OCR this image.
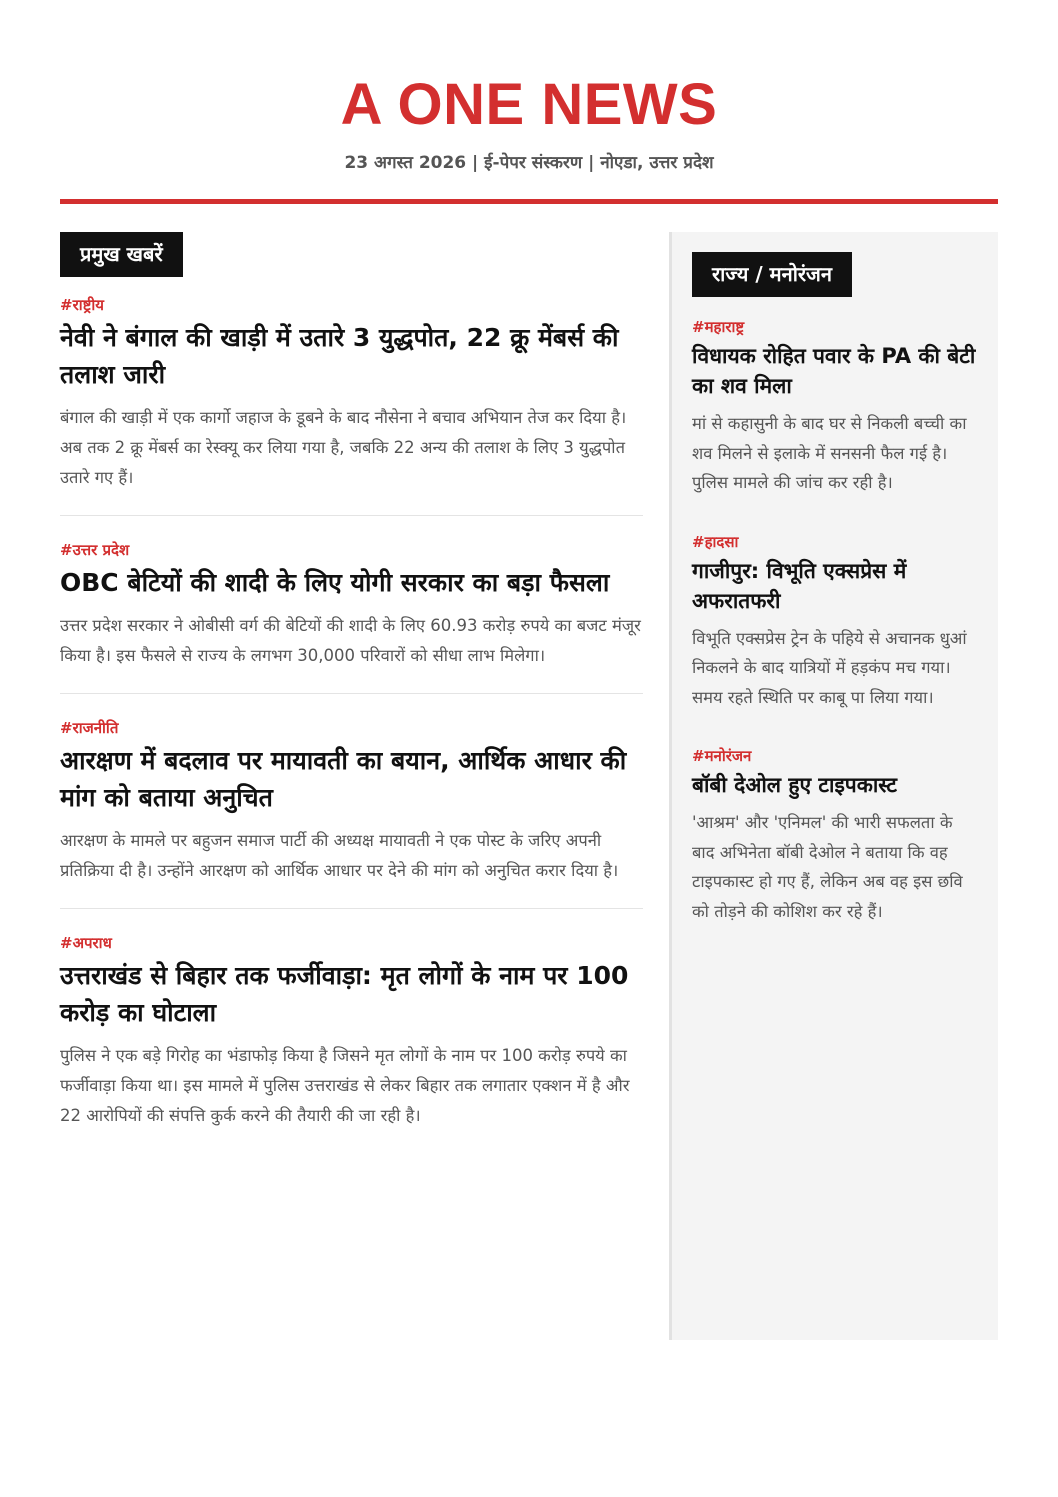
A ONE NEWS
23 अगस्त 2026 | ई-पेपर संस्करण | नोएडा, उत्तर प्रदेश
प्रमुख खबरें
#राष्ट्रीय
नेवी ने बंगाल की खाड़ी में उतारे 3 युद्धपोत, 22 क्रू मेंबर्स की तलाश जारी

बंगाल की खाड़ी में एक कार्गो जहाज के डूबने के बाद नौसेना ने बचाव अभियान तेज कर दिया है। अब तक 2 क्रू मेंबर्स का रेस्क्यू कर लिया गया है, जबकि 22 अन्य की तलाश के लिए 3 युद्धपोत उतारे गए हैं।

#उत्तर प्रदेश
OBC बेटियों की शादी के लिए योगी सरकार का बड़ा फैसला

उत्तर प्रदेश सरकार ने ओबीसी वर्ग की बेटियों की शादी के लिए 60.93 करोड़ रुपये का बजट मंजूर किया है। इस फैसले से राज्य के लगभग 30,000 परिवारों को सीधा लाभ मिलेगा।

#राजनीति
आरक्षण में बदलाव पर मायावती का बयान, आर्थिक आधार की मांग को बताया अनुचित

आरक्षण के मामले पर बहुजन समाज पार्टी की अध्यक्ष मायावती ने एक पोस्ट के जरिए अपनी प्रतिक्रिया दी है। उन्होंने आरक्षण को आर्थिक आधार पर देने की मांग को अनुचित करार दिया है।

#अपराध
उत्तराखंड से बिहार तक फर्जीवाड़ा: मृत लोगों के नाम पर 100 करोड़ का घोटाला

पुलिस ने एक बड़े गिरोह का भंडाफोड़ किया है जिसने मृत लोगों के नाम पर 100 करोड़ रुपये का फर्जीवाड़ा किया था। इस मामले में पुलिस उत्तराखंड से लेकर बिहार तक लगातार एक्शन में है और 22 आरोपियों की संपत्ति कुर्क करने की तैयारी की जा रही है।

राज्य / मनोरंजन
#महाराष्ट्र
विधायक रोहित पवार के PA की बेटी का शव मिला

मां से कहासुनी के बाद घर से निकली बच्ची का शव मिलने से इलाके में सनसनी फैल गई है। पुलिस मामले की जांच कर रही है।

#हादसा
गाजीपुर: विभूति एक्सप्रेस में अफरातफरी

विभूति एक्सप्रेस ट्रेन के पहिये से अचानक धुआं निकलने के बाद यात्रियों में हड़कंप मच गया। समय रहते स्थिति पर काबू पा लिया गया।

#मनोरंजन
बॉबी देओल हुए टाइपकास्ट

'आश्रम' और 'एनिमल' की भारी सफलता के बाद अभिनेता बॉबी देओल ने बताया कि वह टाइपकास्ट हो गए हैं, लेकिन अब वह इस छवि को तोड़ने की कोशिश कर रहे हैं।
